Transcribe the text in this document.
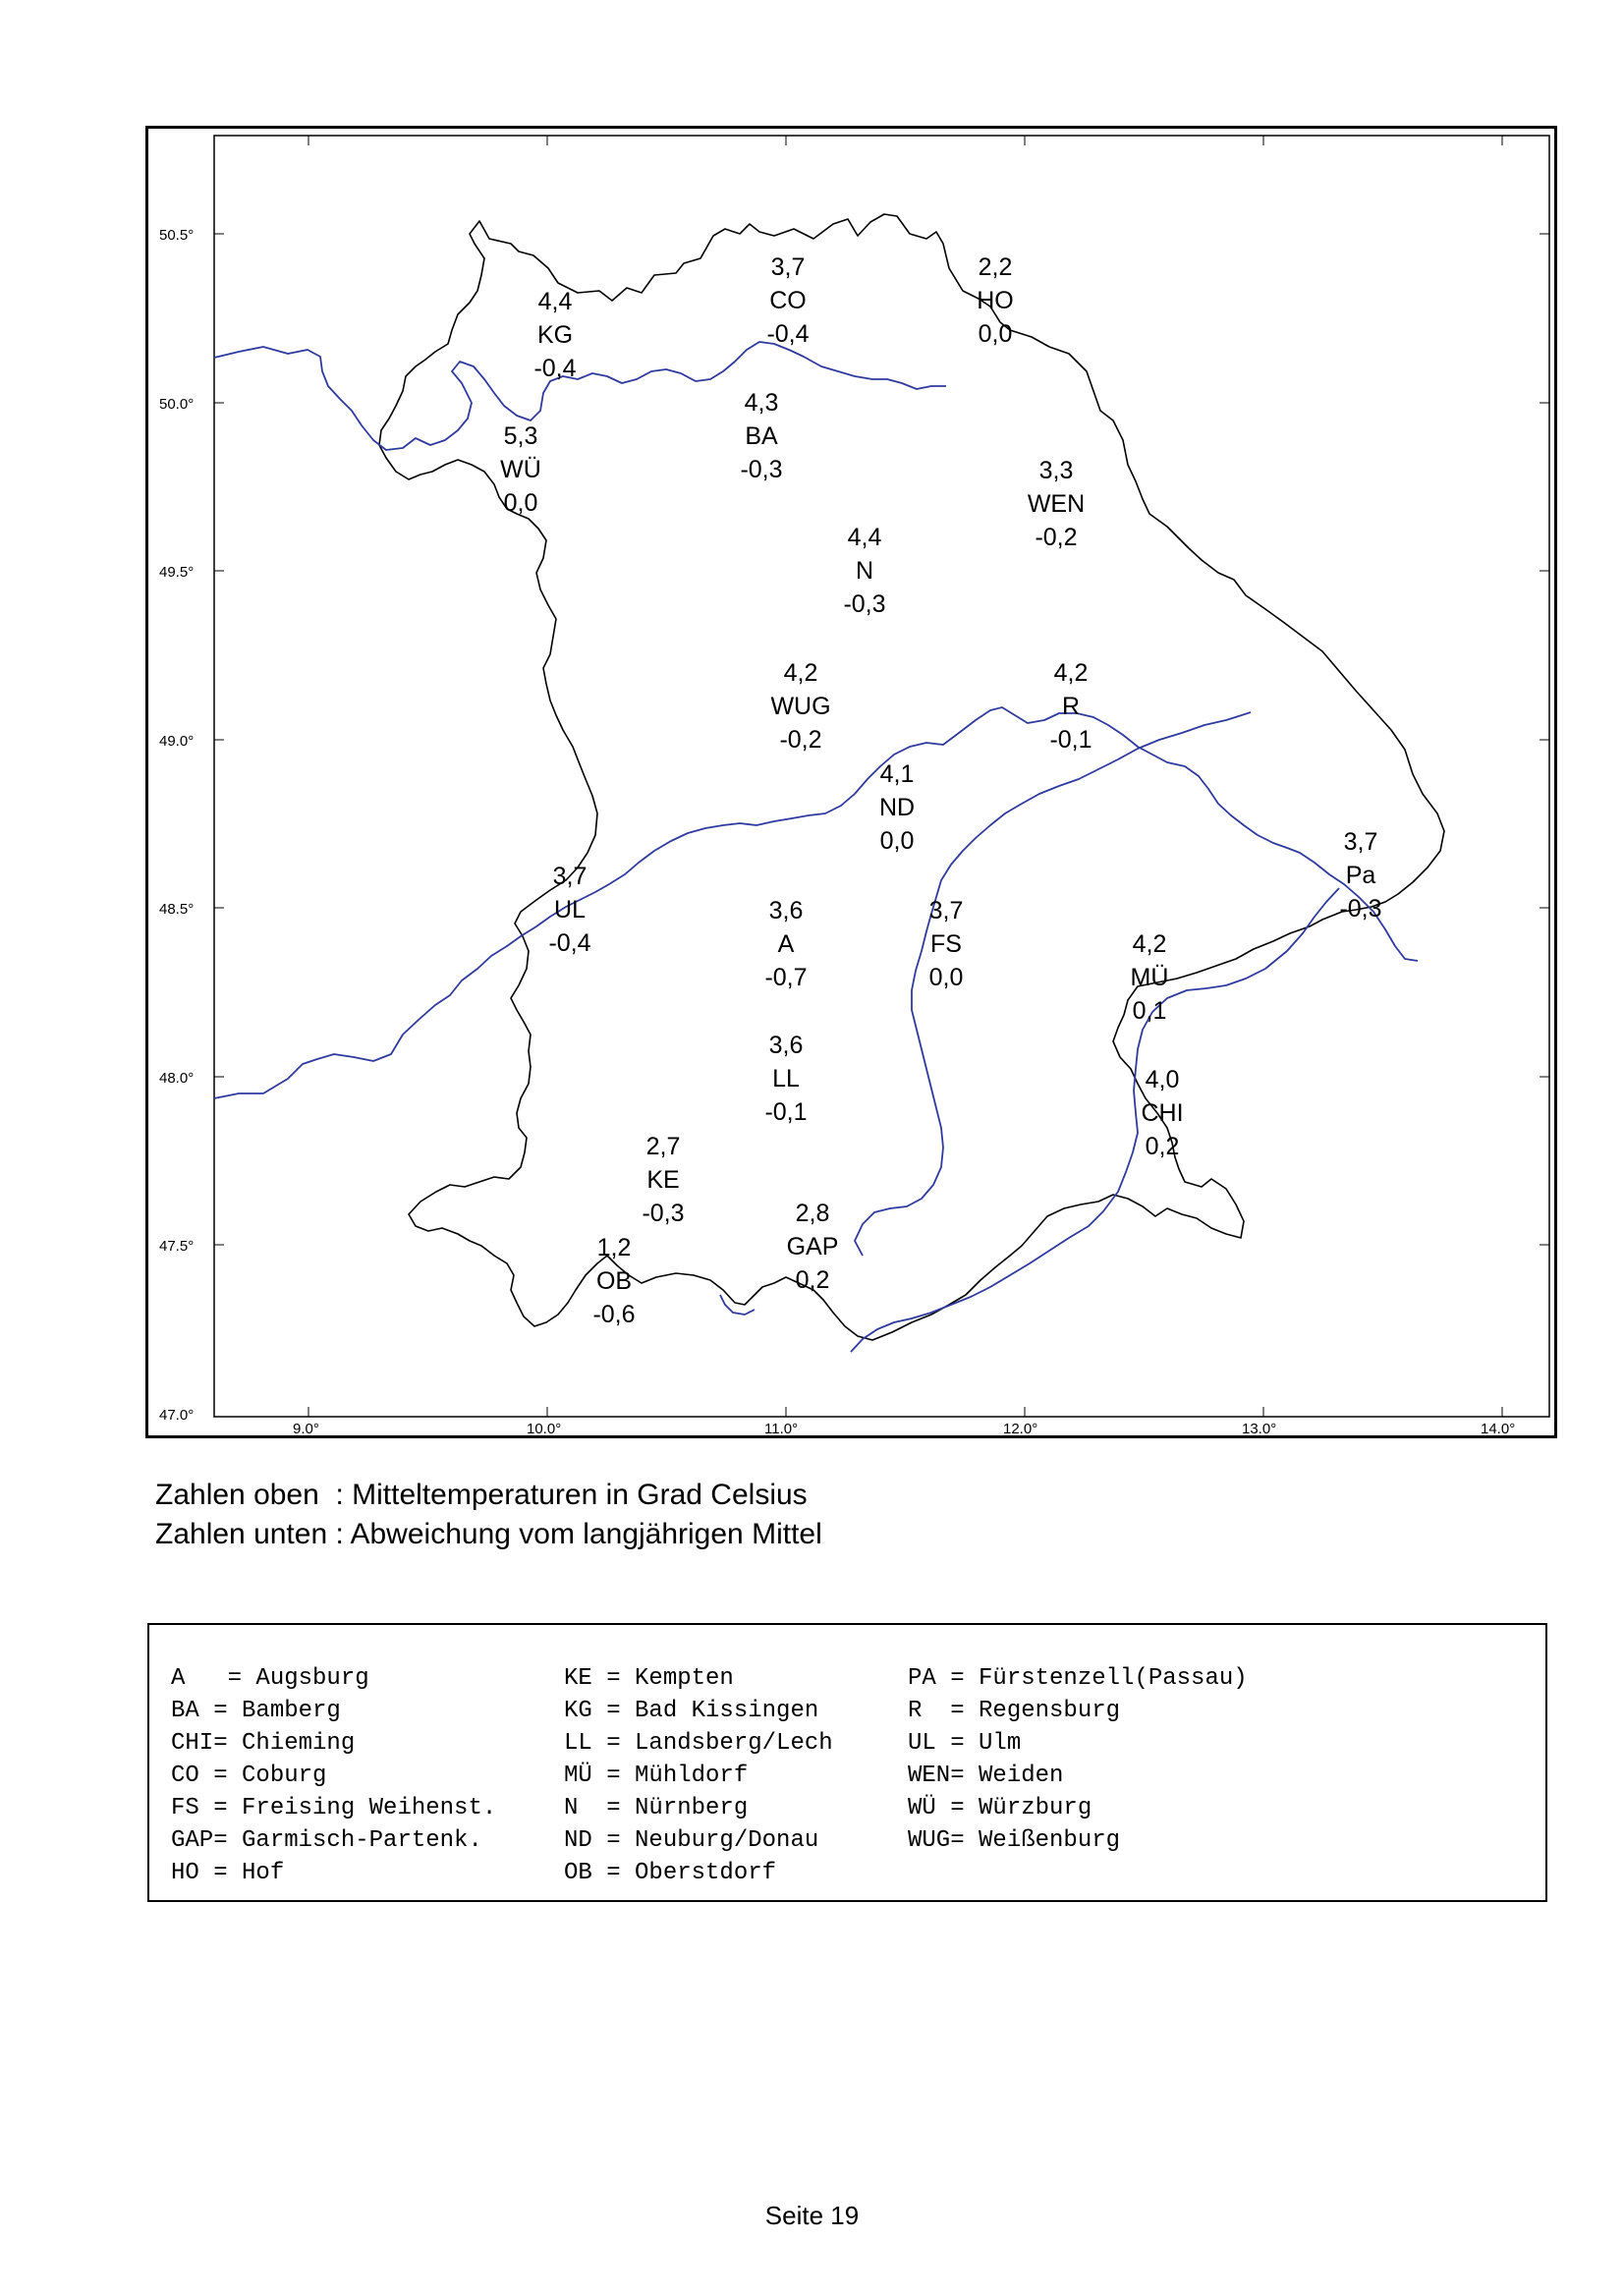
50.5°
50.0°
49.5°
49.0°
48.5°
48.0°
47.5°
47.0°
9.0°	10.0°	11.0°	12.0°	13.0°	14.0°
4,4
KG
-0,4
3,7
CO
-0,4
2,2
HO
0,0
4,3
BA
-0,3
5,3
WÜ
0,0
3,3
WEN
-0,2
4,4
N
-0,3
4,2
WUG
-0,2
4,2
R
-0,1
4,1
ND
0,0	3,7
Pa
-0,3
3,7
UL
-0,4
3,6
A
-0,7
3,7
FS
0,0
4,2
MÜ
0,1
3,6
LL
-0,1
4,0
CHI
0,2
2,7
KE
-0,3	2,8
GAP
0,2
1,2
OB
-0,6
Zahlen oben  : Mitteltemperaturen in Grad Celsius
Zahlen unten : Abweichung vom langjährigen Mittel
A   = Augsburg
BA = Bamberg
CHI= Chieming
CO = Coburg
FS = Freising Weihenst.
GAP= Garmisch-Partenk.
HO = Hof
KE = Kempten
KG = Bad Kissingen
LL = Landsberg/Lech
MÜ = Mühldorf
N  = Nürnberg
ND = Neuburg/Donau
OB = Oberstdorf
PA = Fürstenzell(Passau)
R  = Regensburg
UL = Ulm
WEN= Weiden
WÜ = Würzburg
WUG= Weißenburg
Seite 19
